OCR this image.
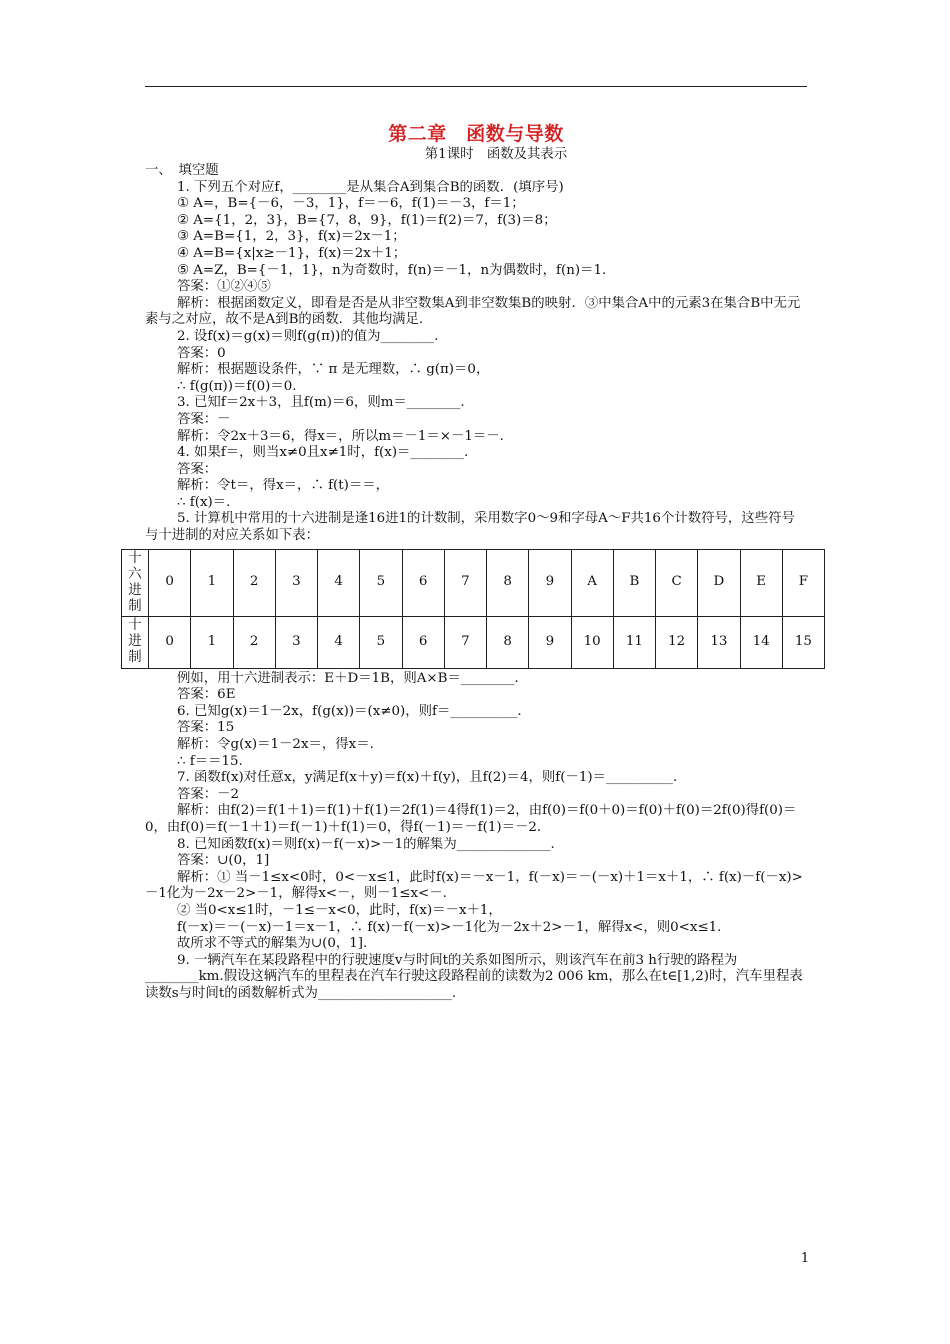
第二章　函数与导数
第1课时　函数及其表示
一、　填空题
1. 下列五个对应f，________是从集合A到集合B的函数．(填序号)
① A=，B={－6，－3，1}，f＝－6，f(1)＝－3，f＝1；
② A={1，2，3}，B={7，8，9}，f(1)＝f(2)＝7，f(3)＝8；
③ A=B={1，2，3}，f(x)＝2x－1；
④ A=B={x|x≥－1}，f(x)＝2x＋1；
⑤ A=Z，B={－1，1}，n为奇数时，f(n)＝－1，n为偶数时，f(n)＝1.
答案：①②④⑤
解析：根据函数定义，即看是否是从非空数集A到非空数集B的映射．③中集合A中的元素3在集合B中无元素与之对应，故不是A到B的函数．其他均满足.
2. 设f(x)＝g(x)＝则f(g(π))的值为________.
答案：0
解析：根据题设条件，∵ π 是无理数，∴ g(π)＝0，
∴ f(g(π))＝f(0)＝0.
3. 已知f＝2x＋3，且f(m)＝6，则m＝________.
答案：－
解析：令2x＋3＝6，得x＝，所以m＝－1＝×－1＝－.
4. 如果f＝，则当x≠0且x≠1时，f(x)＝________.
答案：
解析：令t＝，得x＝，∴ f(t)＝＝，
∴ f(x)＝.
5. 计算机中常用的十六进制是逢16进1的计数制，采用数字0～9和字母A～F共16个计数符号，这些符号与十进制的对应关系如下表：
十
六
进
制	0	1	2	3	4	5	6	7	8	9	A	B	C	D	E	F

十
进
制	0	1	2	3	4	5	6	7	8	9	10	11	12	13	14	15
例如，用十六进制表示：E＋D＝1B，则A×B＝________.
答案：6E
6. 已知g(x)＝1－2x，f(g(x))＝(x≠0)，则f＝__________.
答案：15
解析：令g(x)＝1－2x＝，得x＝.
∴ f＝＝15.
7. 函数f(x)对任意x，y满足f(x＋y)＝f(x)＋f(y)，且f(2)＝4，则f(－1)＝__________.
答案：－2
解析：由f(2)＝f(1＋1)＝f(1)＋f(1)＝2f(1)＝4得f(1)＝2，由f(0)＝f(0＋0)＝f(0)＋f(0)＝2f(0)得f(0)＝0，由f(0)＝f(－1＋1)＝f(－1)＋f(1)＝0，得f(－1)＝－f(1)＝－2.
8. 已知函数f(x)＝则f(x)－f(－x)>－1的解集为______________.
答案：∪(0，1]
解析：① 当－1≤x<0时，0<－x≤1，此时f(x)＝－x－1，f(－x)＝－(－x)＋1＝x＋1，∴ f(x)－f(－x)>－1化为－2x－2>－1，解得x<－，则－1≤x<－.
② 当0<x≤1时，－1≤－x<0，此时，f(x)＝－x＋1，
f(－x)＝－(－x)－1＝x－1，∴ f(x)－f(－x)>－1化为－2x＋2>－1，解得x<，则0<x≤1.
故所求不等式的解集为∪(0，1].
9. 一辆汽车在某段路程中的行驶速度v与时间t的关系如图所示，则该汽车在前3 h行驶的路程为________km.假设这辆汽车的里程表在汽车行驶这段路程前的读数为2 006 km，那么在t∈[1,2)时，汽车里程表读数s与时间t的函数解析式为____________________.
1
